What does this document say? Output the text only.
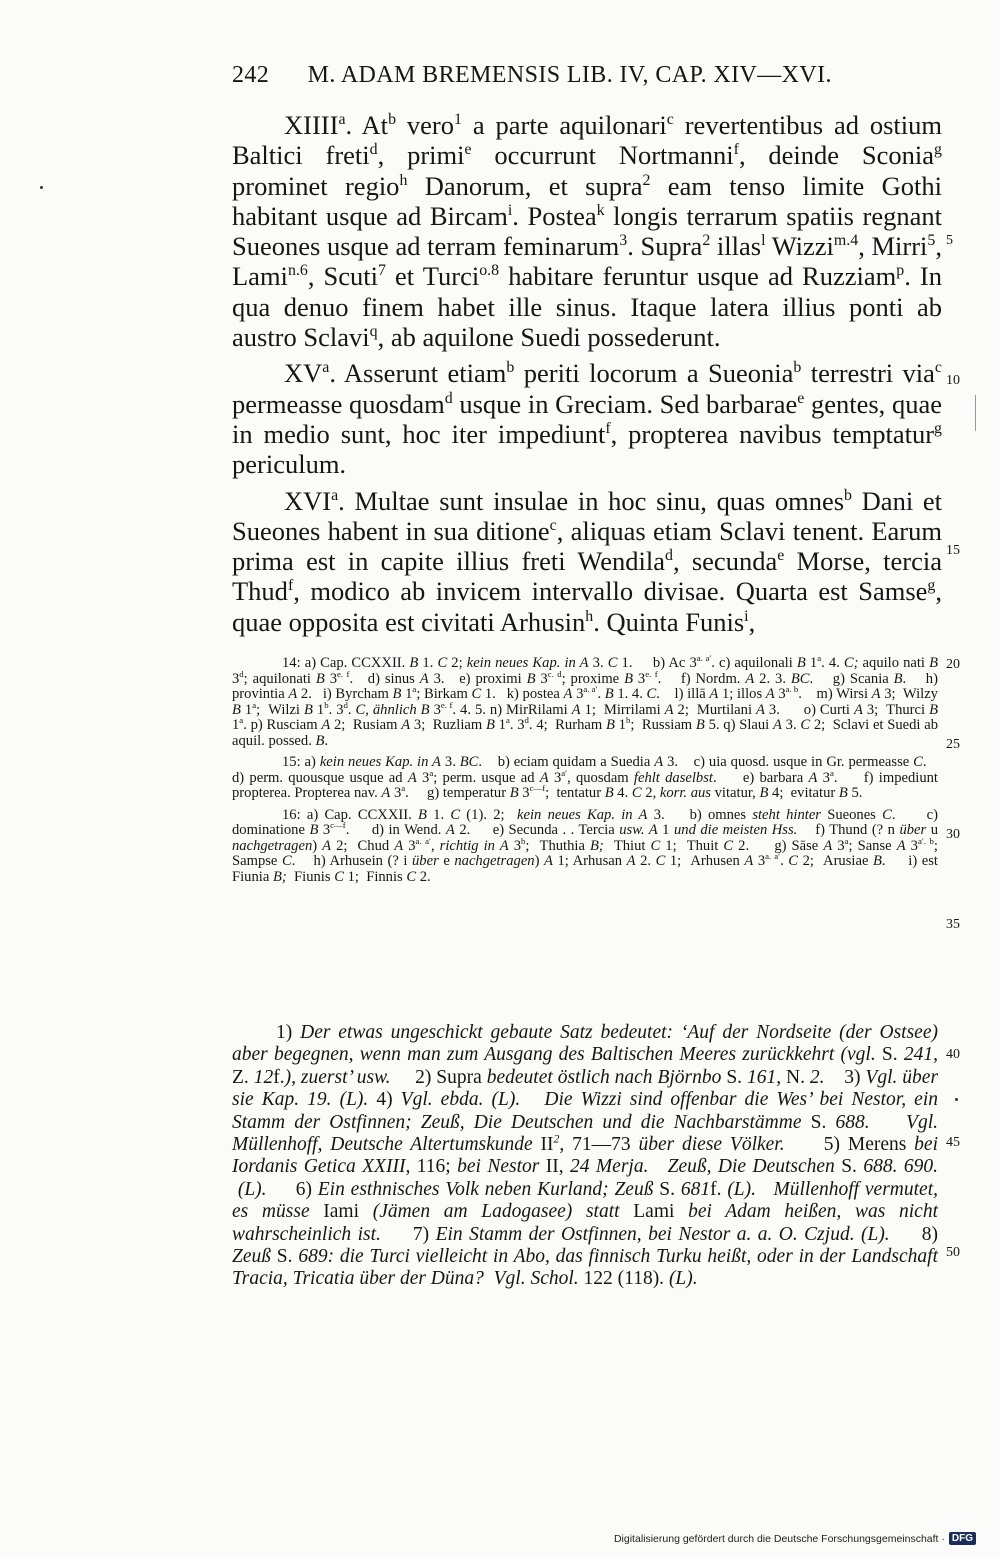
242 M. ADAM BREMENSIS LIB. IV, CAP. XIV—XVI.

XIIII$^a$. At$^b$ vero$^1$ a parte aquilonari$^c$ revertentibus ad ostium Baltici freti$^d$, primi$^e$ occurrunt Nortmanni$^f$, deinde Sconia$^g$ prominet regio$^h$ Danorum, et supra$^2$ eam tenso limite Gothi habitant usque ad Bircam$^i$. Postea$^k$ longis terrarum spatiis regnant Sueones usque ad terram feminarum$^3$. Supra$^2$ illas$^l$ Wizzi$^{m.4}$, Mirri$^5$, Lami$^{n.6}$, Scuti$^7$ et Turci$^{o.8}$ habitare feruntur usque ad Ruzziam$^p$. In qua denuo finem habet ille sinus. Itaque latera illius ponti ab austro Sclavi$^q$, ab aquilone Suedi possederunt.

$XV^a$. Asserunt etiam$^b$ periti locorum a Sueonia$^b$ terrestri via$^c$ permeasse quosdam$^d$ usque in Greciam. Sed barbarae$^e$ gentes, quae in medio sunt, hoc iter impediunt$^f$, propterea navibus temptatur$^g$ periculum.

XVI$^a$. Multae sunt insulae in hoc sinu, quas omnes$^b$ Dani et Sueones habent in sua ditione$^c$, aliquas etiam Sclavi tenent. Earum prima est in capite illius freti Wendila$^d$, secunda$^e$ Morse, tercia Thud$^f$, modico ab invicem intervallo divisae. Quarta est Samse$^g$, quae opposita est civitati Arhusin$^h$. Quinta Funis$^i$,

14: a) Cap. CCXXII. B 1. C 2; kein neues Kap. in A 3. C 1.     b) Ac $3^{a. a'}$. c) aquilonali B 1$^a$. 4. C; aquilo nati B 3$^d$; aquilonati B $3^{e. f}$.   d) sinus A 3.   e) proximi B $3^{c. d}$; proxime B $3^{e. f}$.    f) Nordm. A 2. 3. BC.    g) Scania B.    h) provintia A 2.   i) Byrcham B 1$^a$; Birkam C 1.   k) postea A $3^{a. a'}$. B 1. 4. C.    l) illā A 1; illos A $3^{a. b}$.    m) Wirsi A 3;  Wilzy B 1$^a$;  Wilzi B 1$^b$. 3$^d$. C, ähnlich B $3^{e. f}$. 4. 5. n) MirRilami A 1;  Mirrilami A 2;  Murtilani A 3.      o) Curti A 3;  Thurci B 1$^a$. p) Rusciam A 2;  Rusiam A 3;  Ruzliam B 1$^a$. 3$^d$. 4;  Rurham B 1$^b$;  Russiam B 5. q) Slaui A 3. C 2;  Sclavi et Suedi ab aquil. possed. B.

15: a) kein neues Kap. in A 3. BC.    b) eciam quidam a Suedia A 3.    c) uia quosd. usque in Gr. permeasse C.    d) perm. quousque usque ad A 3$^a$; perm. usque ad A $3^{a'}$, quosdam fehlt daselbst.     e) barbara A 3$^a$.     f) impediunt propterea. Propterea nav. A 3$^a$.     g) temperatur B $3^{c—f}$;  tentatur B 4. C 2, korr. aus vitatur, B 4;  evitatur B 5.

16: a) Cap. CCXXII. B 1. C (1). 2;  kein neues Kap. in A 3.    b) omnes steht hinter Sueones C.     c) dominatione B $3^{c—f}$.     d) in Wend. A 2.     e) Secunda . . Tercia usw. A 1 und die meisten Hss.    f) Thund (? n über u nachgetragen) A 2;  Chud A $3^{a. a'}$, richtig in A 3$^b$;  Thuthia B;  Thiut C 1;  Thuit C 2.     g) Sāse A 3$^a$; Sanse A $3^{a'. b}$; Sampse C.    h) Arhusein (? i über e nachgetragen) A 1; Arhusan A 2. C 1;  Arhusen A $3^{a. a'}$. C 2;  Arusiae B.     i) est Fiunia B;  Fiunis C 1;  Finnis C 2.

1) Der etwas ungeschickt gebaute Satz bedeutet: ‘Auf der Nordseite (der Ostsee) aber begegnen, wenn man zum Ausgang des Baltischen Meeres zurückkehrt (vgl. S. 241, Z. 12f.), zuerst’ usw.     2) Supra bedeutet östlich nach Björnbo S. 161, N. 2.    3) Vgl. über sie Kap. 19. (L). 4) Vgl. ebda. (L).   Die Wizzi sind offenbar die Wes’ bei Nestor, ein Stamm der Ostfinnen; Zeuß, Die Deutschen und die Nachbarstämme S. 688.    Vgl. Müllenhoff, Deutsche Altertumskunde $II^2$, 71—73 über diese Völker.     5) Merens bei Iordanis Getica XXIII, 116; bei Nestor II, 24 Merja.   Zeuß, Die Deutschen S. 688. 690.  (L).     6) Ein esthnisches Volk neben Kurland; Zeuß S. 681f. (L).   Müllenhoff vermutet, es müsse Iami (Jämen am Ladogasee) statt Lami bei Adam heißen, was nicht wahrscheinlich ist.     7) Ein Stamm der Ostfinnen, bei Nestor a. a. O. Czjud. (L).     8) Zeuß S. 689: die Turci vielleicht in Abo, das finnisch Turku heißt, oder in der Landschaft Tracia, Tricatia über der Düna?  Vgl. Schol. 122 (118). (L).
5
10
15
20
25
30
35
40
45
50
Digitalisierung gefördert durch die Deutsche Forschungsgemeinschaft · DFG
